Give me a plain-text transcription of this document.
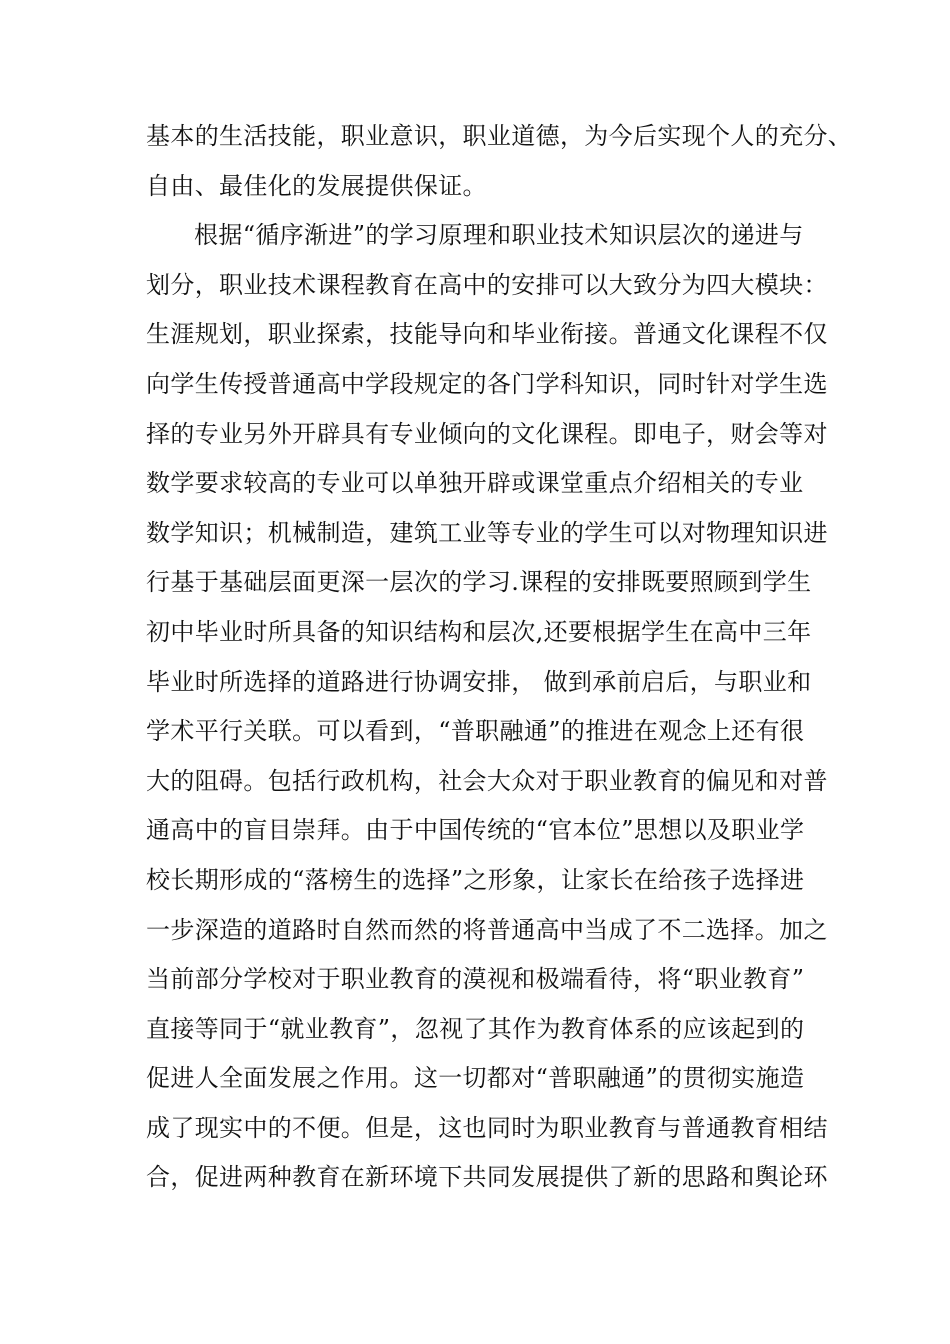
基本的生活技能，职业意识，职业道德，为今后实现个人的充分、
自由、最佳化的发展提供保证。
根据“循序渐进”的学习原理和职业技术知识层次的递进与
划分，职业技术课程教育在高中的安排可以大致分为四大模块：
生涯规划，职业探索，技能导向和毕业衔接。普通文化课程不仅
向学生传授普通高中学段规定的各门学科知识，同时针对学生选
择的专业另外开辟具有专业倾向的文化课程。即电子，财会等对
数学要求较高的专业可以单独开辟或课堂重点介绍相关的专业
数学知识；机械制造，建筑工业等专业的学生可以对物理知识进
行基于基础层面更深一层次的学习.课程的安排既要照顾到学生
初中毕业时所具备的知识结构和层次,还要根据学生在高中三年
毕业时所选择的道路进行协调安排， 做到承前启后，与职业和
学术平行关联。可以看到，“普职融通”的推进在观念上还有很
大的阻碍。包括行政机构，社会大众对于职业教育的偏见和对普
通高中的盲目崇拜。由于中国传统的“官本位”思想以及职业学
校长期形成的“落榜生的选择”之形象，让家长在给孩子选择进
一步深造的道路时自然而然的将普通高中当成了不二选择。加之
当前部分学校对于职业教育的漠视和极端看待，将“职业教育”
直接等同于“就业教育”，忽视了其作为教育体系的应该起到的
促进人全面发展之作用。这一切都对“普职融通”的贯彻实施造
成了现实中的不便。但是，这也同时为职业教育与普通教育相结
合，促进两种教育在新环境下共同发展提供了新的思路和舆论环
